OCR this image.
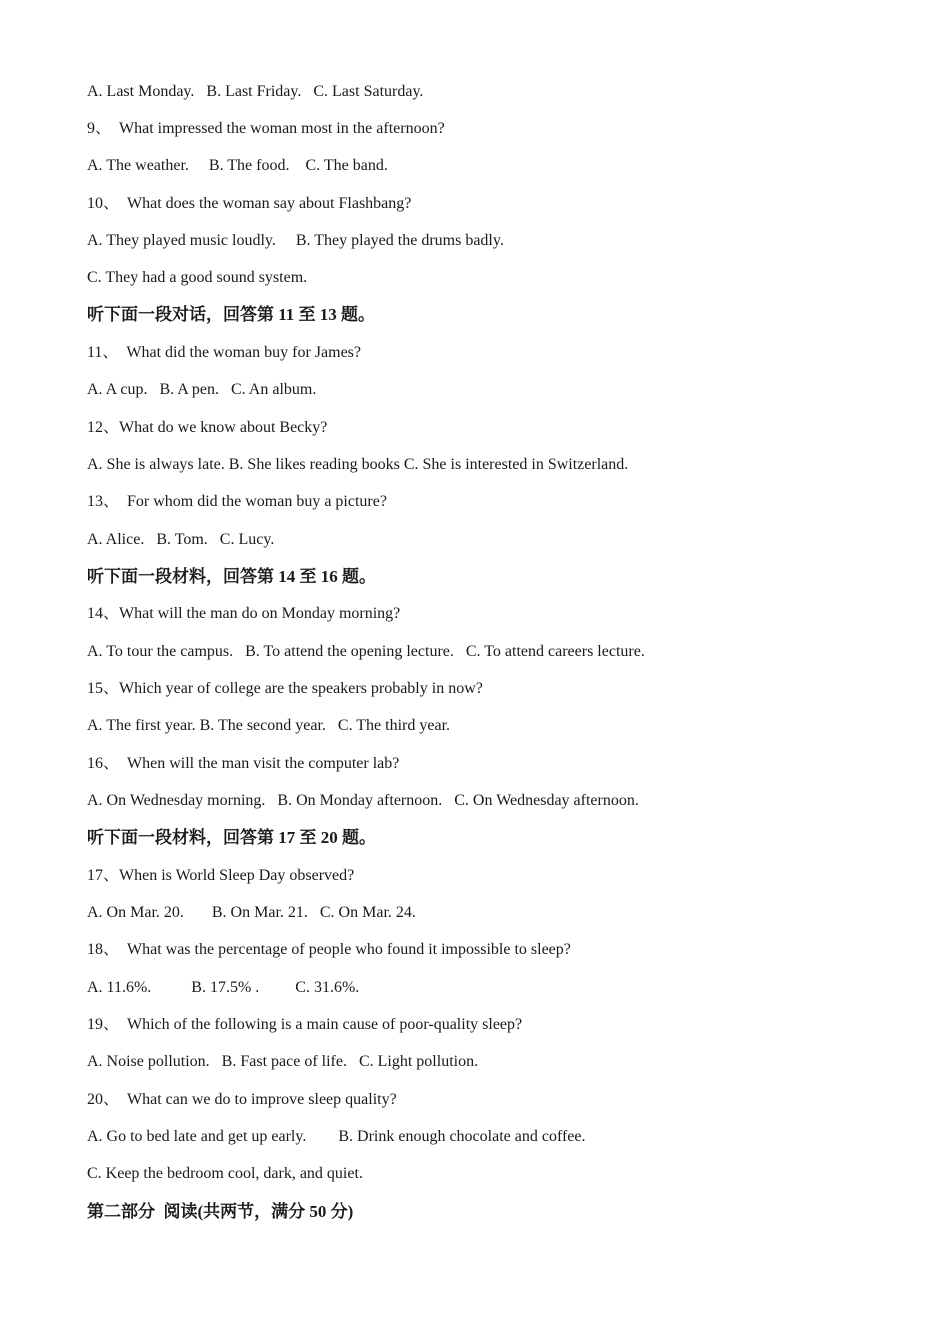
A. Last Monday.   B. Last Friday.   C. Last Saturday.
9、  What impressed the woman most in the afternoon?
A. The weather.     B. The food.    C. The band.
10、  What does the woman say about Flashbang?
A. They played music loudly.     B. They played the drums badly.
C. They had a good sound system.
听下面一段对话，回答第 11 至 13 题。
11、  What did the woman buy for James?
A. A cup.   B. A pen.   C. An album.
12、What do we know about Becky?
A. She is always late. B. She likes reading books C. She is interested in Switzerland.
13、  For whom did the woman buy a picture?
A. Alice.   B. Tom.   C. Lucy.
听下面一段材料，回答第 14 至 16 题。
14、What will the man do on Monday morning?
A. To tour the campus.   B. To attend the opening lecture.   C. To attend careers lecture.
15、Which year of college are the speakers probably in now?
A. The first year. B. The second year.   C. The third year.
16、  When will the man visit the computer lab?
A. On Wednesday morning.   B. On Monday afternoon.   C. On Wednesday afternoon.
听下面一段材料，回答第 17 至 20 题。
17、When is World Sleep Day observed?
A. On Mar. 20.       B. On Mar. 21.   C. On Mar. 24.
18、  What was the percentage of people who found it impossible to sleep?
A. 11.6%.          B. 17.5% .         C. 31.6%.
19、  Which of the following is a main cause of poor-quality sleep?
A. Noise pollution.   B. Fast pace of life.   C. Light pollution.
20、  What can we do to improve sleep quality?
A. Go to bed late and get up early.        B. Drink enough chocolate and coffee.
C. Keep the bedroom cool, dark, and quiet.
第二部分  阅读(共两节，满分 50 分)
